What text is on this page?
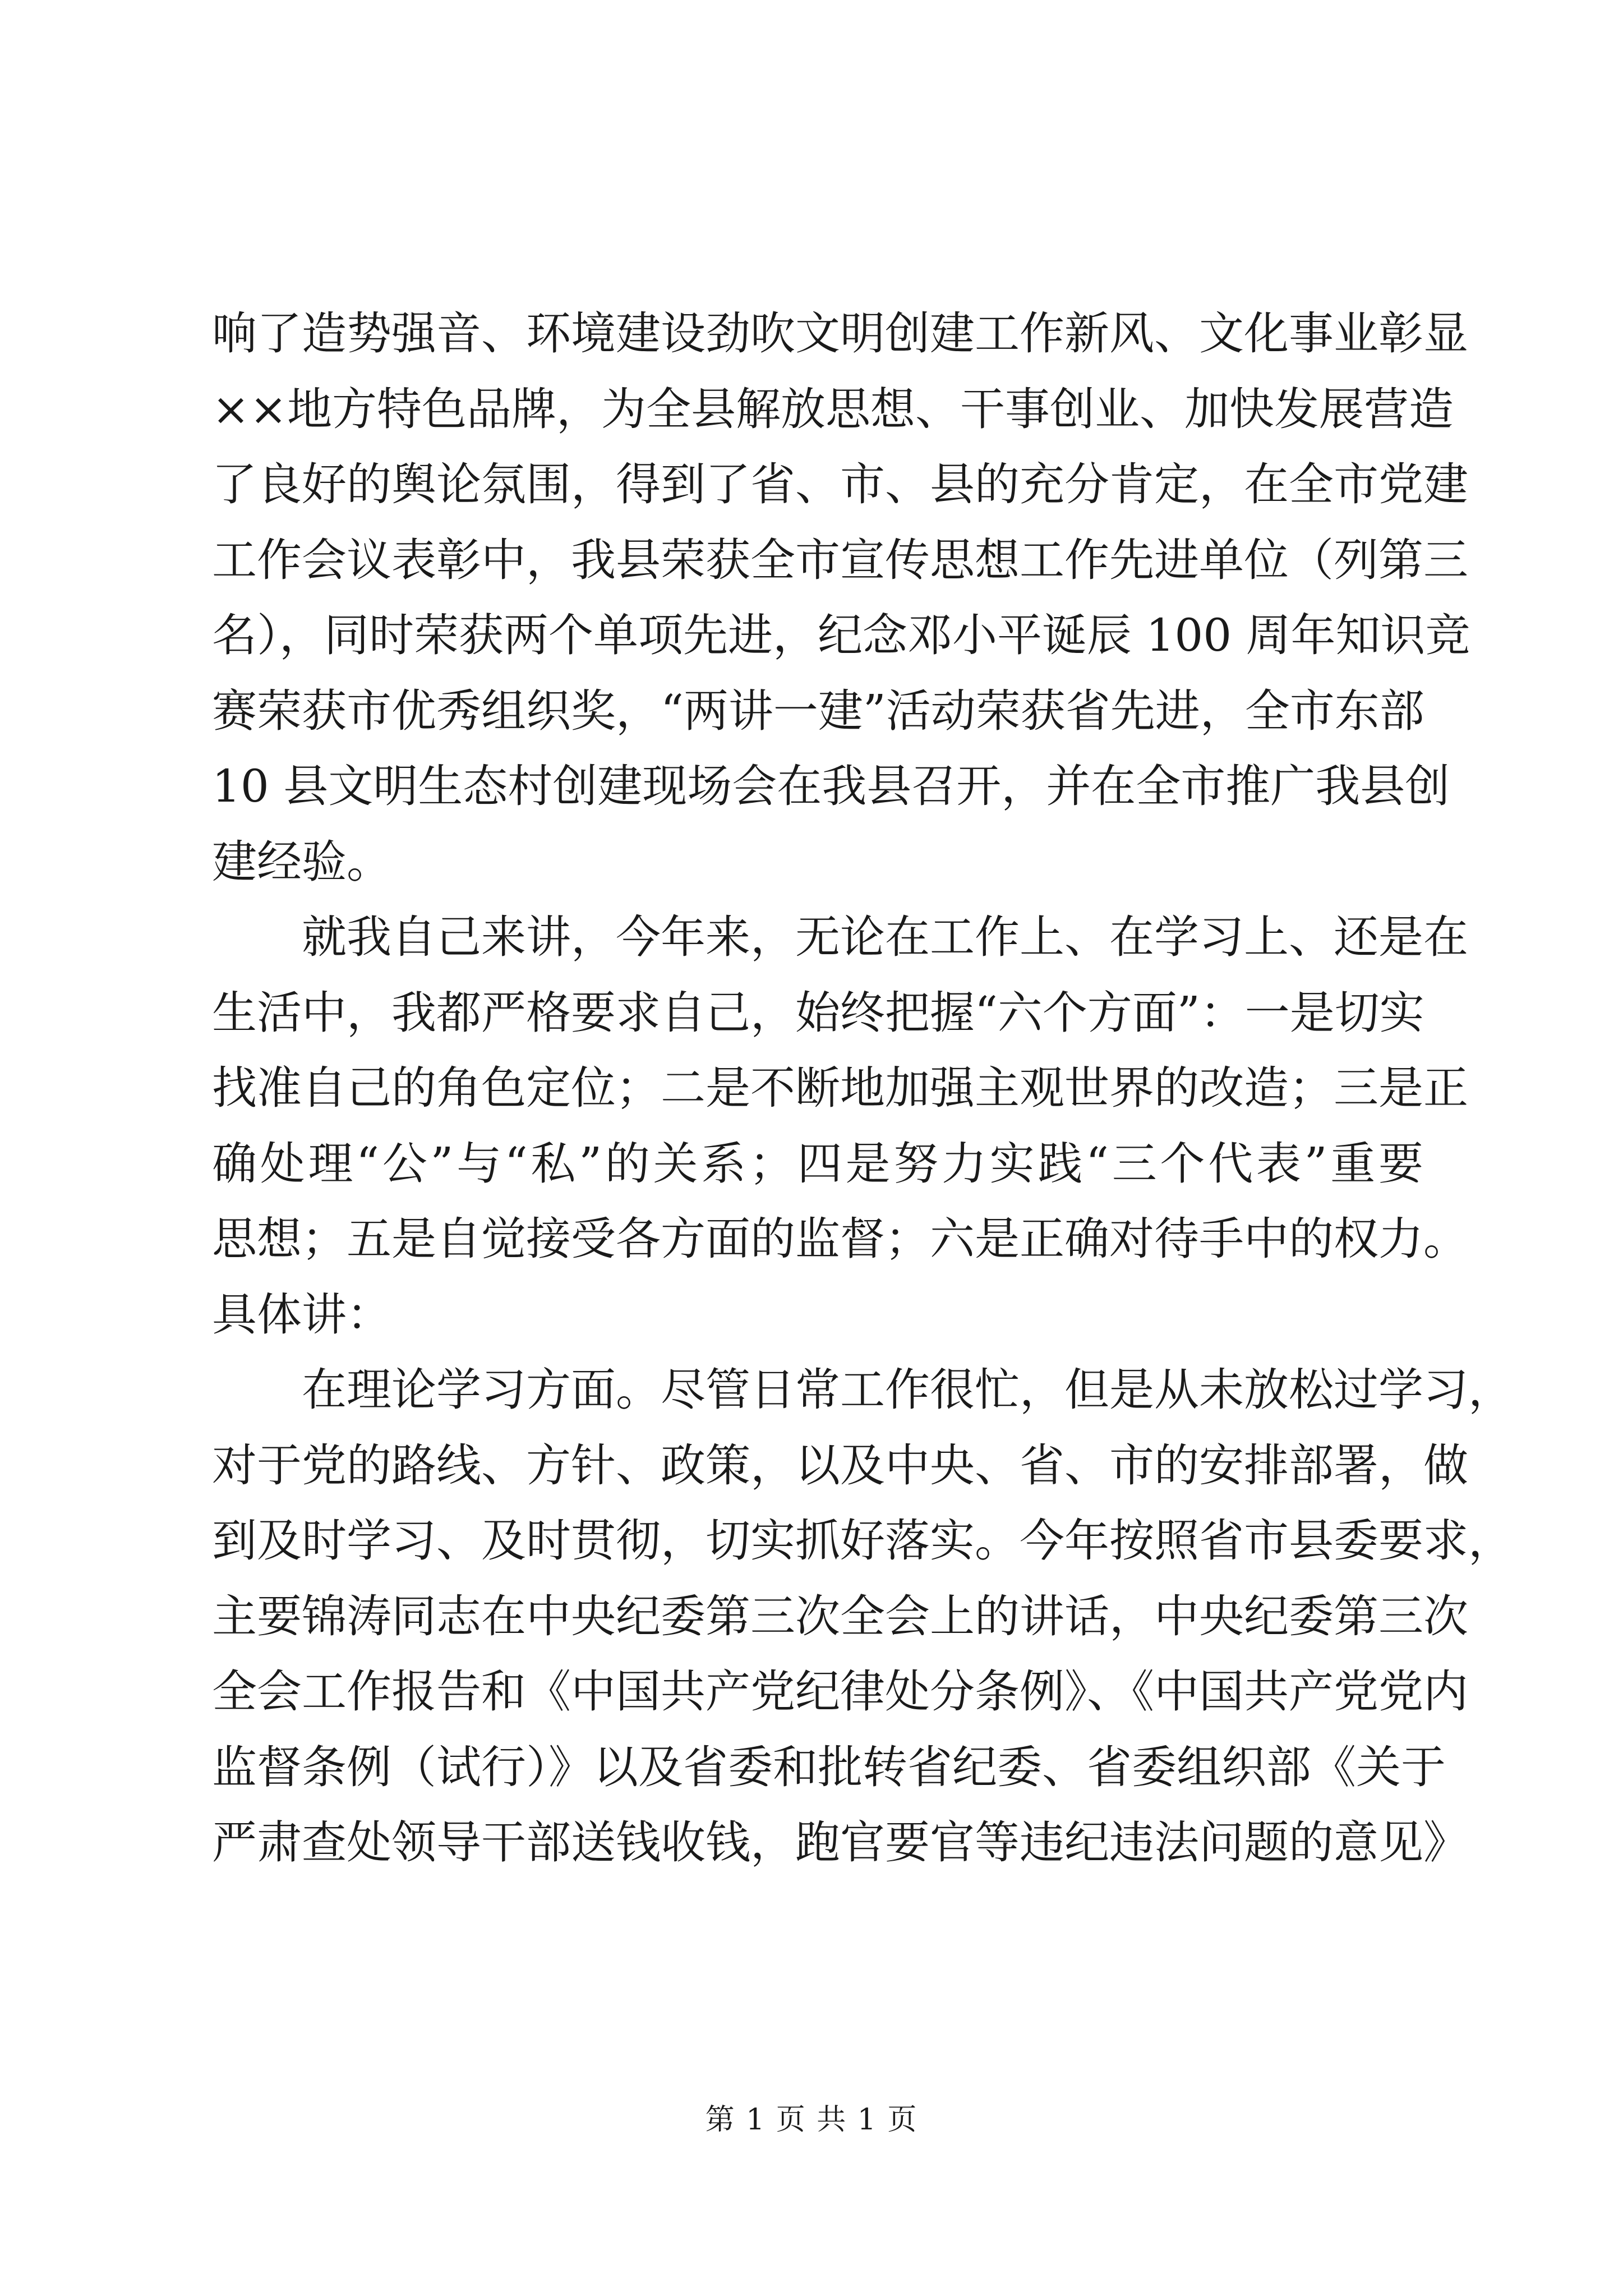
响了造势强音、环境建设劲吹文明创建工作新风、文化事业彰显
××地方特色品牌，为全县解放思想、干事创业、加快发展营造
了良好的舆论氛围，得到了省、市、县的充分肯定，在全市党建
工作会议表彰中，我县荣获全市宣传思想工作先进单位（列第三
名），同时荣获两个单项先进，纪念邓小平诞辰 100 周年知识竞
赛荣获市优秀组织奖，“两讲一建”活动荣获省先进，全市东部
10 县文明生态村创建现场会在我县召开，并在全市推广我县创
建经验。
　　就我自己来讲，今年来，无论在工作上、在学习上、还是在
生活中，我都严格要求自己，始终把握“六个方面”：一是切实
找准自己的角色定位；二是不断地加强主观世界的改造；三是正
确处理“公”与“私”的关系；四是努力实践“三个代表”重要
思想；五是自觉接受各方面的监督；六是正确对待手中的权力。
具体讲：
　　在理论学习方面。尽管日常工作很忙，但是从未放松过学习，
对于党的路线、方针、政策，以及中央、省、市的安排部署，做
到及时学习、及时贯彻，切实抓好落实。今年按照省市县委要求，
主要锦涛同志在中央纪委第三次全会上的讲话，中央纪委第三次
全会工作报告和《中国共产党纪律处分条例》、《中国共产党党内
监督条例（试行）》以及省委和批转省纪委、省委组织部《关于
严肃查处领导干部送钱收钱，跑官要官等违纪违法问题的意见》
第 1 页 共 1 页
